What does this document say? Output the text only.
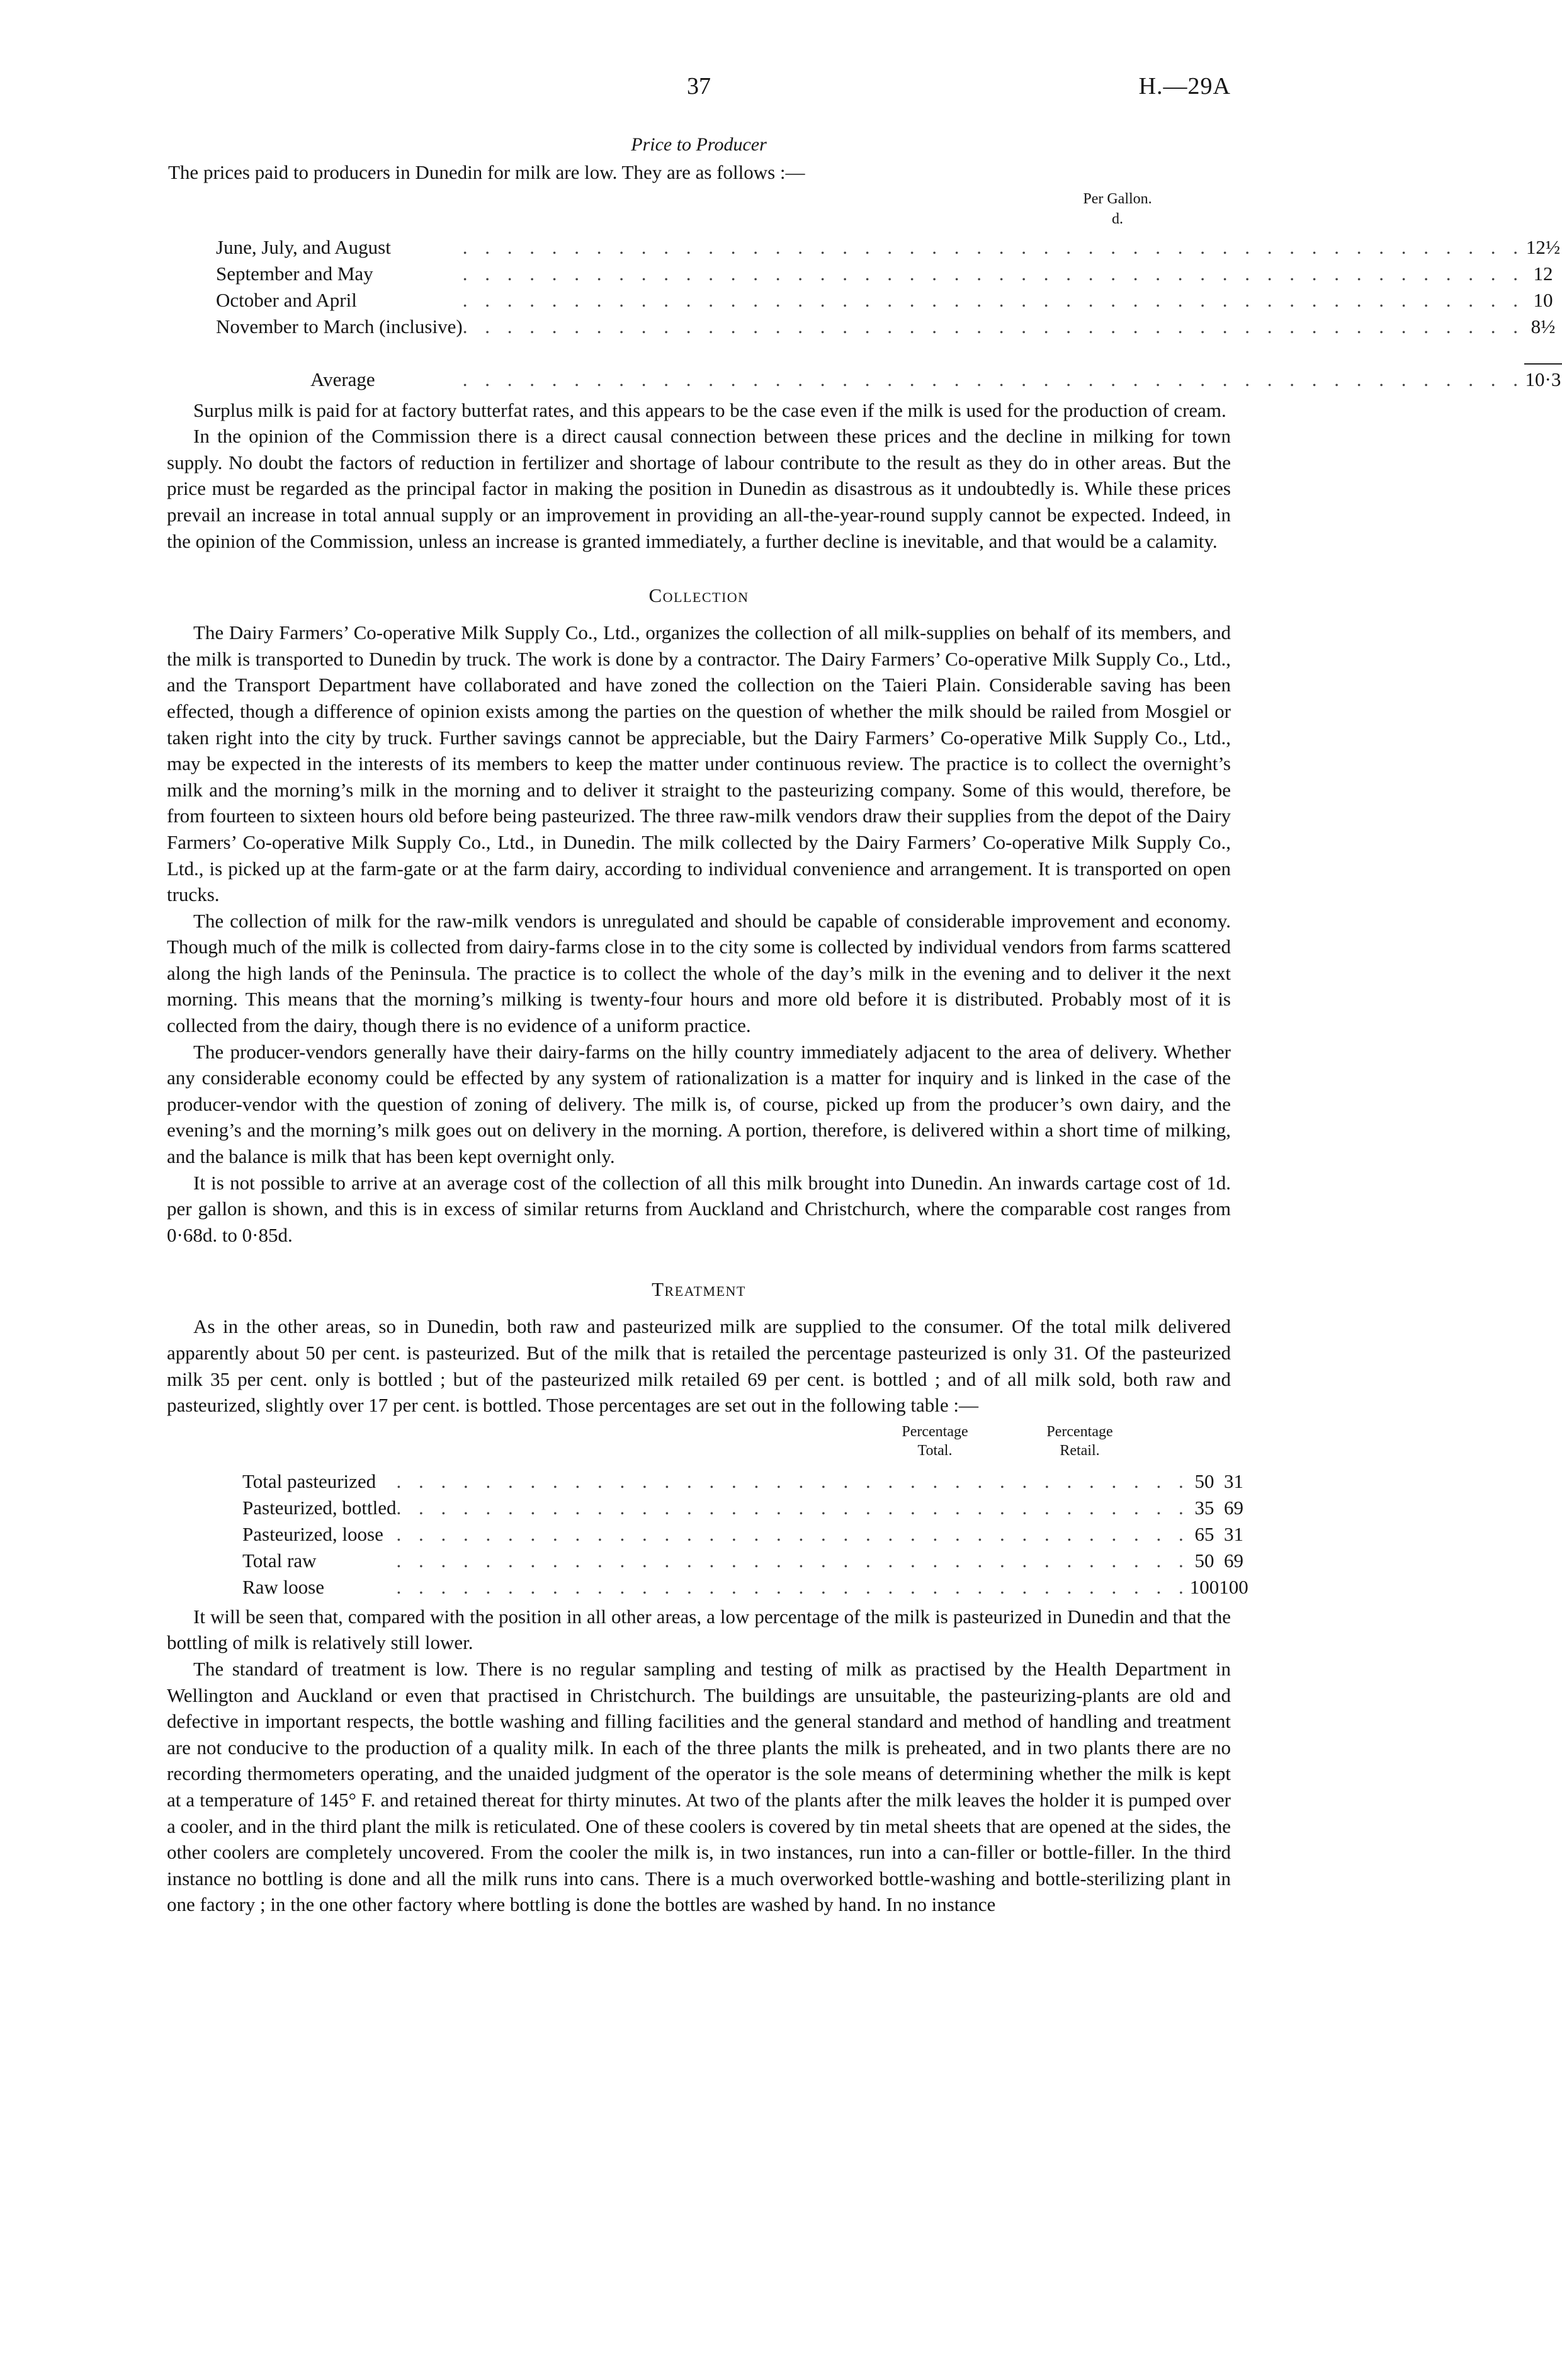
37	H.—29A
Price to Producer

The prices paid to producers in Dunedin for milk are low. They are as follows :—

Per Gallon.
d.
June, July, and August	. . . . . . . . . . . . . . . . . . . . . . . . . . . . . . . . . . . . . . . . . . . . . . . .	12½
September and May	. . . . . . . . . . . . . . . . . . . . . . . . . . . . . . . . . . . . . . . . . . . . . . . .	12
October and April	. . . . . . . . . . . . . . . . . . . . . . . . . . . . . . . . . . . . . . . . . . . . . . . .	10
November to March (inclusive)	. . . . . . . . . . . . . . . . . . . . . . . . . . . . . . . . . . . . . . . . . . . . . . . .	8½

Average	. . . . . . . . . . . . . . . . . . . . . . . . . . . . . . . . . . . . . . . . . . . . . . . .	10·3

Surplus milk is paid for at factory butterfat rates, and this appears to be the case even if the milk is used for the production of cream.

In the opinion of the Commission there is a direct causal connection between these prices and the decline in milking for town supply. No doubt the factors of reduction in fertilizer and shortage of labour contribute to the result as they do in other areas. But the price must be regarded as the principal factor in making the position in Dunedin as disastrous as it undoubtedly is. While these prices prevail an increase in total annual supply or an improvement in providing an all-the-year-round supply cannot be expected. Indeed, in the opinion of the Commission, unless an increase is granted immediately, a further decline is inevitable, and that would be a calamity.

Collection

The Dairy Farmers’ Co-operative Milk Supply Co., Ltd., organizes the collection of all milk-supplies on behalf of its members, and the milk is transported to Dunedin by truck. The work is done by a contractor. The Dairy Farmers’ Co-operative Milk Supply Co., Ltd., and the Transport Department have collaborated and have zoned the collection on the Taieri Plain. Considerable saving has been effected, though a difference of opinion exists among the parties on the question of whether the milk should be railed from Mosgiel or taken right into the city by truck. Further savings cannot be appreciable, but the Dairy Farmers’ Co-operative Milk Supply Co., Ltd., may be expected in the interests of its members to keep the matter under continuous review. The practice is to collect the overnight’s milk and the morning’s milk in the morning and to deliver it straight to the pasteurizing company. Some of this would, therefore, be from fourteen to sixteen hours old before being pasteurized. The three raw-milk vendors draw their supplies from the depot of the Dairy Farmers’ Co-operative Milk Supply Co., Ltd., in Dunedin. The milk collected by the Dairy Farmers’ Co-operative Milk Supply Co., Ltd., is picked up at the farm-gate or at the farm dairy, according to individual convenience and arrangement. It is transported on open trucks.

The collection of milk for the raw-milk vendors is unregulated and should be capable of considerable improvement and economy. Though much of the milk is collected from dairy-farms close in to the city some is collected by individual vendors from farms scattered along the high lands of the Peninsula. The practice is to collect the whole of the day’s milk in the evening and to deliver it the next morning. This means that the morning’s milking is twenty-four hours and more old before it is distributed. Probably most of it is collected from the dairy, though there is no evidence of a uniform practice.

The producer-vendors generally have their dairy-farms on the hilly country immediately adjacent to the area of delivery. Whether any considerable economy could be effected by any system of rationalization is a matter for inquiry and is linked in the case of the producer-vendor with the question of zoning of delivery. The milk is, of course, picked up from the producer’s own dairy, and the evening’s and the morning’s milk goes out on delivery in the morning. A portion, therefore, is delivered within a short time of milking, and the balance is milk that has been kept overnight only.

It is not possible to arrive at an average cost of the collection of all this milk brought into Dunedin. An inwards cartage cost of 1d. per gallon is shown, and this is in excess of similar returns from Auckland and Christchurch, where the comparable cost ranges from 0·68d. to 0·85d.

Treatment

As in the other areas, so in Dunedin, both raw and pasteurized milk are supplied to the consumer. Of the total milk delivered apparently about 50 per cent. is pasteurized. But of the milk that is retailed the percentage pasteurized is only 31. Of the pasteurized milk 35 per cent. only is bottled ; but of the pasteurized milk retailed 69 per cent. is bottled ; and of all milk sold, both raw and pasteurized, slightly over 17 per cent. is bottled. Those percentages are set out in the following table :—

Percentage
Total.
Percentage
Retail.
Total pasteurized	. . . . . . . . . . . . . . . . . . . . . . . . . . . . . . . . . . . .	50	31
Pasteurized, bottled	. . . . . . . . . . . . . . . . . . . . . . . . . . . . . . . . . . . .	35	69
Pasteurized, loose	. . . . . . . . . . . . . . . . . . . . . . . . . . . . . . . . . . . .	65	31
Total raw	. . . . . . . . . . . . . . . . . . . . . . . . . . . . . . . . . . . .	50	69
Raw loose	. . . . . . . . . . . . . . . . . . . . . . . . . . . . . . . . . . . .	100	100

It will be seen that, compared with the position in all other areas, a low percentage of the milk is pasteurized in Dunedin and that the bottling of milk is relatively still lower.

The standard of treatment is low. There is no regular sampling and testing of milk as practised by the Health Department in Wellington and Auckland or even that practised in Christchurch. The buildings are unsuitable, the pasteurizing-plants are old and defective in important respects, the bottle washing and filling facilities and the general standard and method of handling and treatment are not conducive to the production of a quality milk. In each of the three plants the milk is preheated, and in two plants there are no recording thermometers operating, and the unaided judgment of the operator is the sole means of determining whether the milk is kept at a temperature of 145° F. and retained thereat for thirty minutes. At two of the plants after the milk leaves the holder it is pumped over a cooler, and in the third plant the milk is reticulated. One of these coolers is covered by tin metal sheets that are opened at the sides, the other coolers are completely uncovered. From the cooler the milk is, in two instances, run into a can-filler or bottle-filler. In the third instance no bottling is done and all the milk runs into cans. There is a much overworked bottle-washing and bottle-sterilizing plant in one factory ; in the one other factory where bottling is done the bottles are washed by hand. In no instance
